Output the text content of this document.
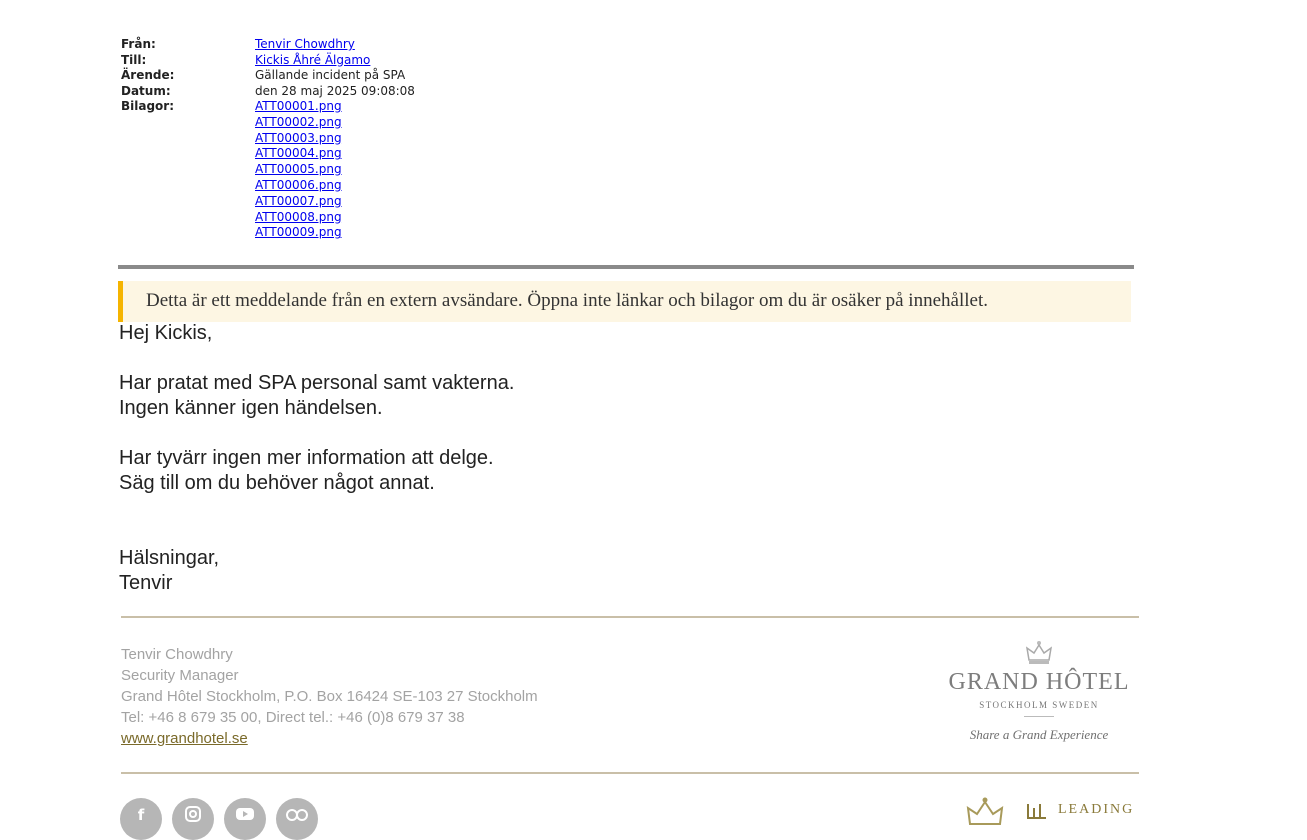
Från:	Tenvir Chowdhry
Till:	Kickis Åhré Älgamo
Ärende:	Gällande incident på SPA
Datum:	den 28 maj 2025 09:08:08
Bilagor:	ATT00001.png
ATT00002.png
ATT00003.png
ATT00004.png
ATT00005.png
ATT00006.png
ATT00007.png
ATT00008.png
ATT00009.png
Detta är ett meddelande från en extern avsändare. Öppna inte länkar och bilagor om du är osäker på innehållet.

Hej Kickis,

Har pratat med SPA personal samt vakterna.

Ingen känner igen händelsen.

Har tyvärr ingen mer information att delge.

Säg till om du behöver något annat.

Hälsningar,

Tenvir

Tenvir Chowdhry
Security Manager
Grand Hôtel Stockholm, P.O. Box 16424 SE-103 27 Stockholm
Tel: +46 8 679 35 00, Direct tel.: +46 (0)8 679 37 38
www.grandhotel.se
GRAND HÔTEL
STOCKHOLM SWEDEN
Share a Grand Experience
f	LEADING
